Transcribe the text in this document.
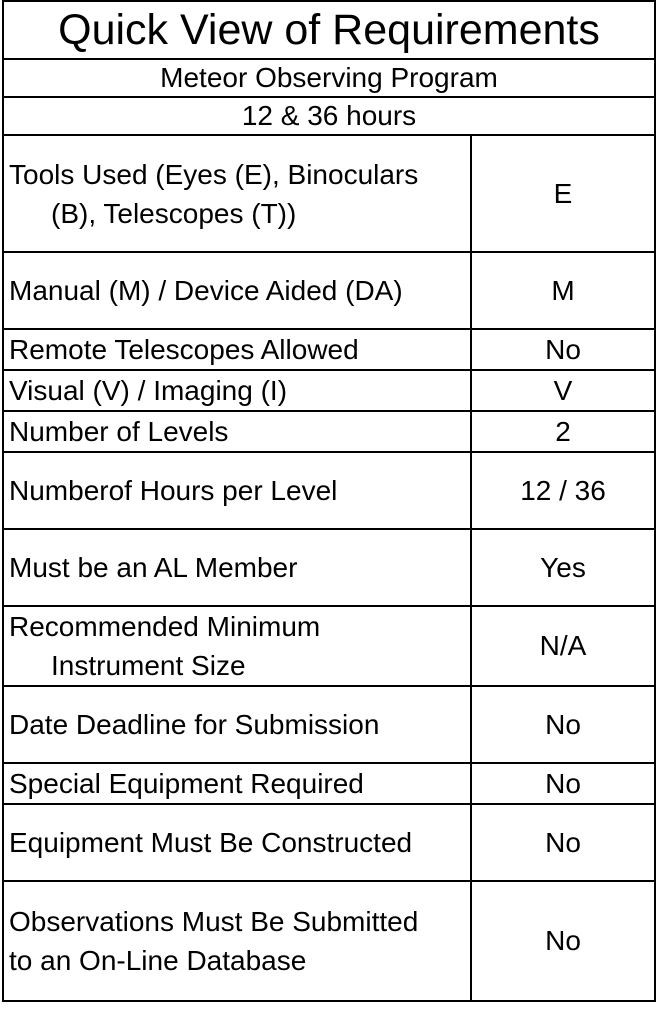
Quick View of Requirements	
Meteor Observing Program	
12 & 36 hours	

Tools Used (Eyes (E), Binoculars
(B), Telescopes (T))	E

Manual (M) / Device Aided (DA)	M

Remote Telescopes Allowed	No

Visual (V) / Imaging (I)	V

Number of Levels	2

Numberof Hours per Level	12 / 36

Must be an AL Member	Yes

Recommended Minimum
Instrument Size	N/A

Date Deadline for Submission	No

Special Equipment Required	No

Equipment Must Be Constructed	No

Observations Must Be Submitted
to an On-Line Database	No
